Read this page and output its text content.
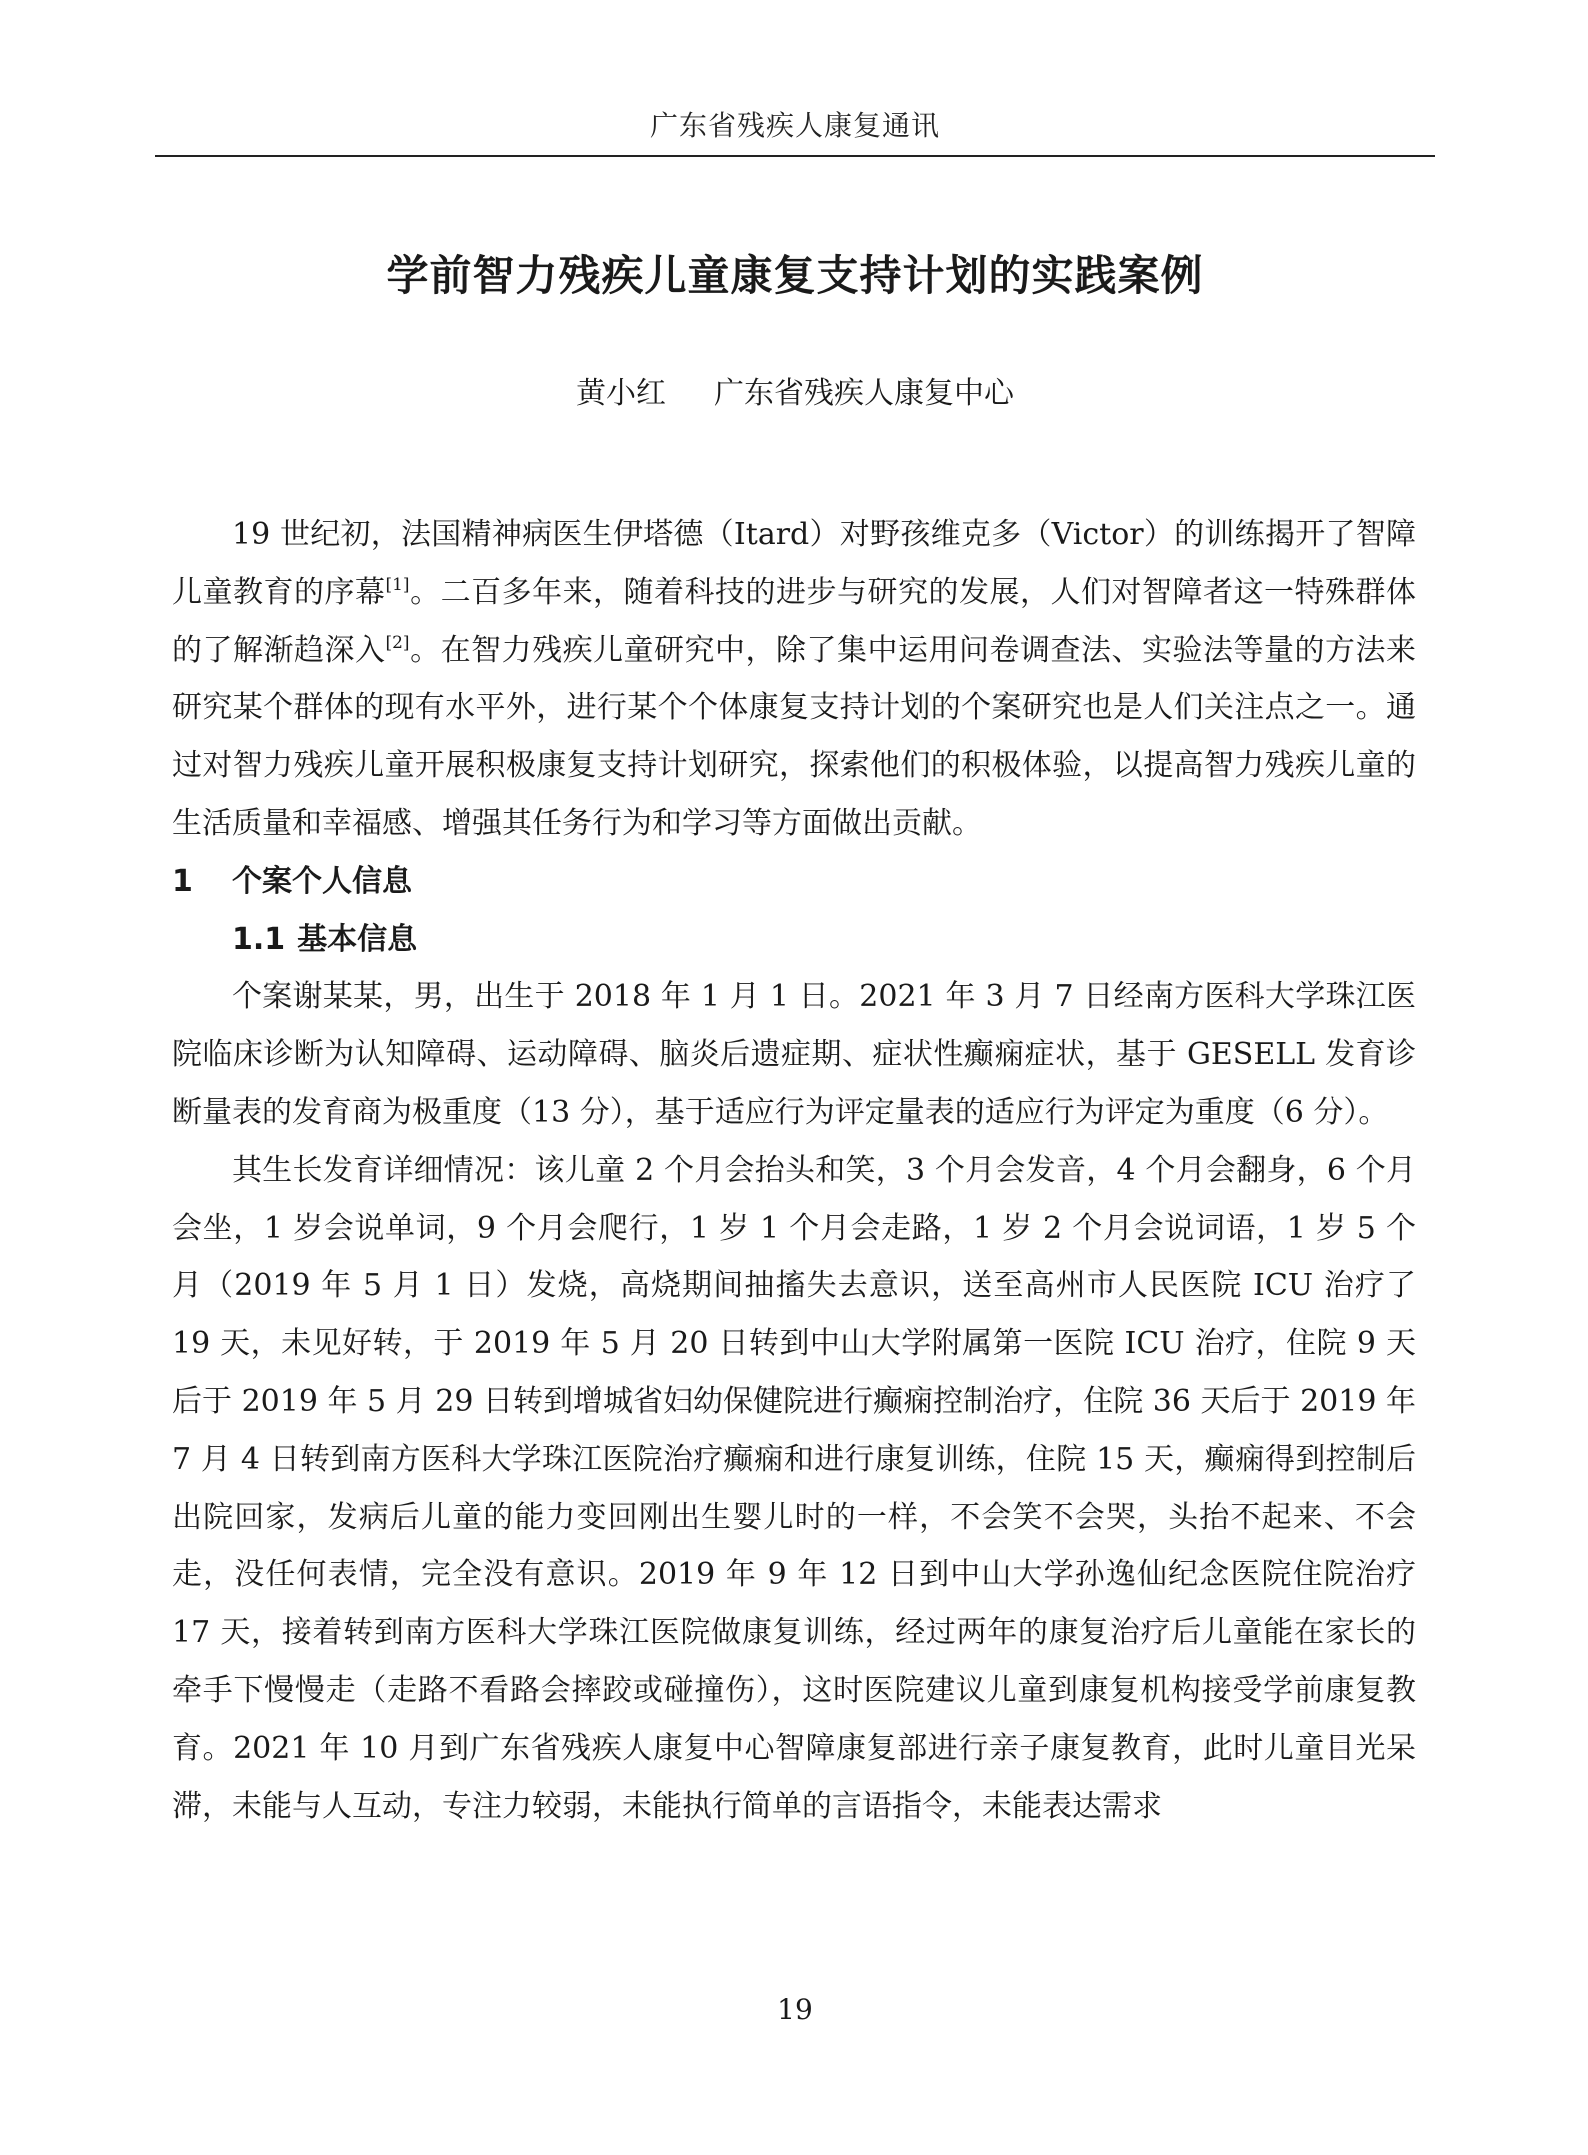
广东省残疾人康复通讯
学前智力残疾儿童康复支持计划的实践案例
黄小红 广东省残疾人康复中心

19 世纪初，法国精神病医生伊塔德（Itard）对野孩维克多（Victor）的训练揭开了智障儿童教育的序幕[1]。二百多年来，随着科技的进步与研究的发展，人们对智障者这一特殊群体的了解渐趋深入[2]。在智力残疾儿童研究中，除了集中运用问卷调查法、实验法等量的方法来研究某个群体的现有水平外，进行某个个体康复支持计划的个案研究也是人们关注点之一。通过对智力残疾儿童开展积极康复支持计划研究，探索他们的积极体验，以提高智力残疾儿童的生活质量和幸福感、增强其任务行为和学习等方面做出贡献。

1 个案个人信息
1.1 基本信息

个案谢某某，男，出生于 2018 年 1 月 1 日。2021 年 3 月 7 日经南方医科大学珠江医院临床诊断为认知障碍、运动障碍、脑炎后遗症期、症状性癫痫症状，基于 GESELL 发育诊断量表的发育商为极重度（13 分），基于适应行为评定量表的适应行为评定为重度（6 分）。

其生长发育详细情况：该儿童 2 个月会抬头和笑，3 个月会发音，4 个月会翻身，6 个月会坐，1 岁会说单词，9 个月会爬行，1 岁 1 个月会走路，1 岁 2 个月会说词语，1 岁 5 个月（2019 年 5 月 1 日）发烧，高烧期间抽搐失去意识，送至高州市人民医院 ICU 治疗了 19 天，未见好转，于 2019 年 5 月 20 日转到中山大学附属第一医院 ICU 治疗，住院 9 天后于 2019 年 5 月 29 日转到增城省妇幼保健院进行癫痫控制治疗，住院 36 天后于 2019 年 7 月 4 日转到南方医科大学珠江医院治疗癫痫和进行康复训练，住院 15 天，癫痫得到控制后出院回家，发病后儿童的能力变回刚出生婴儿时的一样，不会笑不会哭，头抬不起来、不会走，没任何表情，完全没有意识。2019 年 9 年 12 日到中山大学孙逸仙纪念医院住院治疗 17 天，接着转到南方医科大学珠江医院做康复训练，经过两年的康复治疗后儿童能在家长的牵手下慢慢走（走路不看路会摔跤或碰撞伤），这时医院建议儿童到康复机构接受学前康复教育。2021 年 10 月到广东省残疾人康复中心智障康复部进行亲子康复教育，此时儿童目光呆滞，未能与人互动，专注力较弱，未能执行简单的言语指令，未能表达需求

19
